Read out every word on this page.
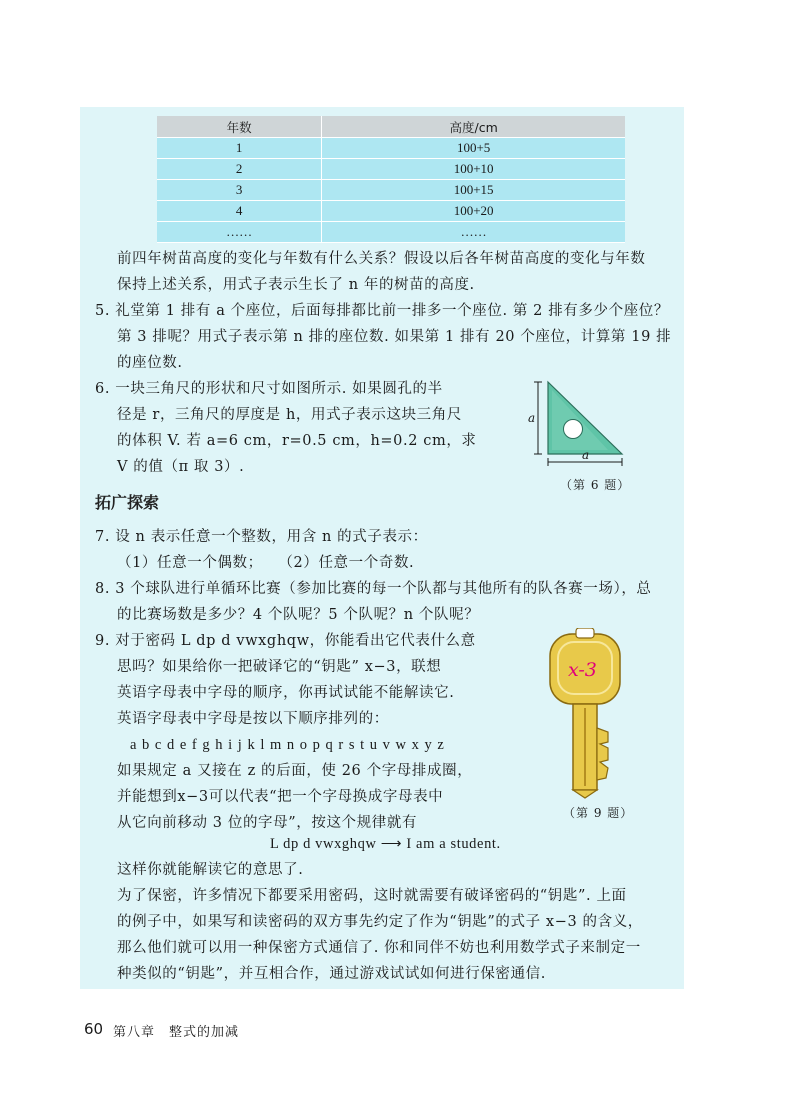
年数	高度/cm
1	100+5
2	100+10
3	100+15
4	100+20
……	……
前四年树苗高度的变化与年数有什么关系？假设以后各年树苗高度的变化与年数
保持上述关系，用式子表示生长了 n 年的树苗的高度.
5. 礼堂第 1 排有 a 个座位，后面每排都比前一排多一个座位. 第 2 排有多少个座位？
第 3 排呢？用式子表示第 n 排的座位数. 如果第 1 排有 20 个座位，计算第 19 排
的座位数.
6. 一块三角尺的形状和尺寸如图所示. 如果圆孔的半
径是 r，三角尺的厚度是 h，用式子表示这块三角尺
的体积 V. 若 a=6 cm，r=0.5 cm，h=0.2 cm，求
V 的值（π 取 3）.
a
a
（第 6 题）
拓广探索
7. 设 n 表示任意一个整数，用含 n 的式子表示：
（1）任意一个偶数；　　（2）任意一个奇数.
8. 3 个球队进行单循环比赛（参加比赛的每一个队都与其他所有的队各赛一场），总
的比赛场数是多少？4 个队呢？5 个队呢？n 个队呢？
9. 对于密码 L dp d vwxghqw，你能看出它代表什么意
思吗？如果给你一把破译它的“钥匙” x−3，联想
英语字母表中字母的顺序，你再试试能不能解读它.
英语字母表中字母是按以下顺序排列的：
a b c d e f g h i j k l m n o p q r s t u v w x y z
如果规定 a 又接在 z 的后面，使 26 个字母排成圈，
并能想到x−3可以代表“把一个字母换成字母表中
从它向前移动 3 位的字母”，按这个规律就有
L dp d vwxghqw ⟶ I am a student.
这样你就能解读它的意思了.
x-3
（第 9 题）
为了保密，许多情况下都要采用密码，这时就需要有破译密码的“钥匙”. 上面
的例子中，如果写和读密码的双方事先约定了作为“钥匙”的式子 x−3 的含义，
那么他们就可以用一种保密方式通信了. 你和同伴不妨也利用数学式子来制定一
种类似的“钥匙”，并互相合作，通过游戏试试如何进行保密通信.
60 第八章　整式的加减
